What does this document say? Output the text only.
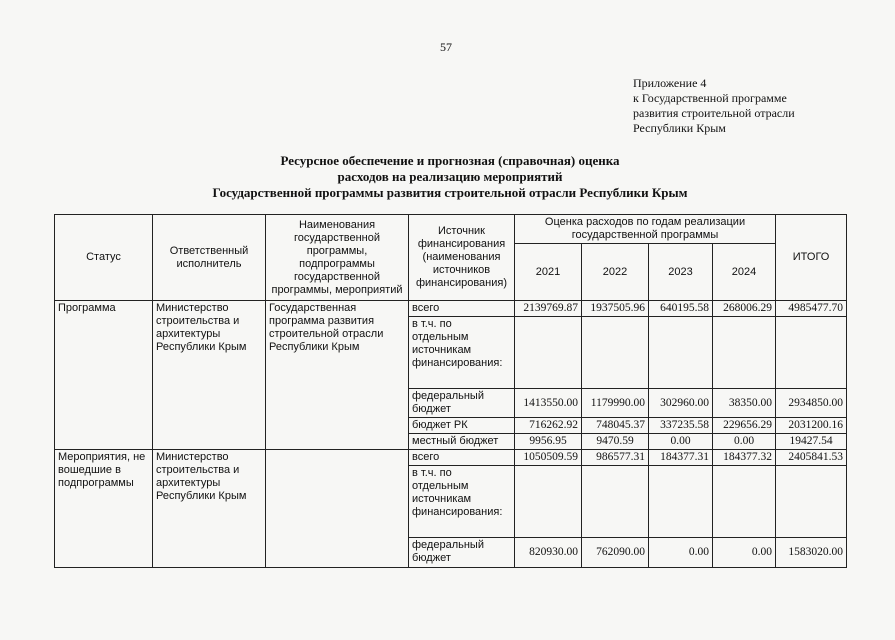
57
Приложение 4
к Государственной программе
развития строительной отрасли
Республики Крым
Ресурсное обеспечение и прогнозная (справочная) оценка
расходов на реализацию мероприятий
Государственной программы развития строительной отрасли Республики Крым
Статус	Ответственный исполнитель	Наименования государственной программы, подпрограммы государственной программы, мероприятий	Источник финансирования (наименования источников финансирования)	Оценка расходов по годам реализации государственной программы				ИТОГО
				2021	2022	2023	2024	
Программа	Министерство строительства и архитектуры Республики Крым	Государственная программа развития строительной отрасли Республики Крым	всего	2139769.87	1937505.96	640195.58	268006.29	4985477.70
			в т.ч. по отдельным источникам финансирования:					
			федеральный бюджет	1413550.00	1179990.00	302960.00	38350.00	2934850.00
			бюджет РК	716262.92	748045.37	337235.58	229656.29	2031200.16
			местный бюджет	9956.95	9470.59	0.00	0.00	19427.54
Мероприятия, не вошедшие в подпрограммы	Министерство строительства и архитектуры Республики Крым		всего	1050509.59	986577.31	184377.31	184377.32	2405841.53
			в т.ч. по отдельным источникам финансирования:					
			федеральный бюджет	820930.00	762090.00	0.00	0.00	1583020.00
